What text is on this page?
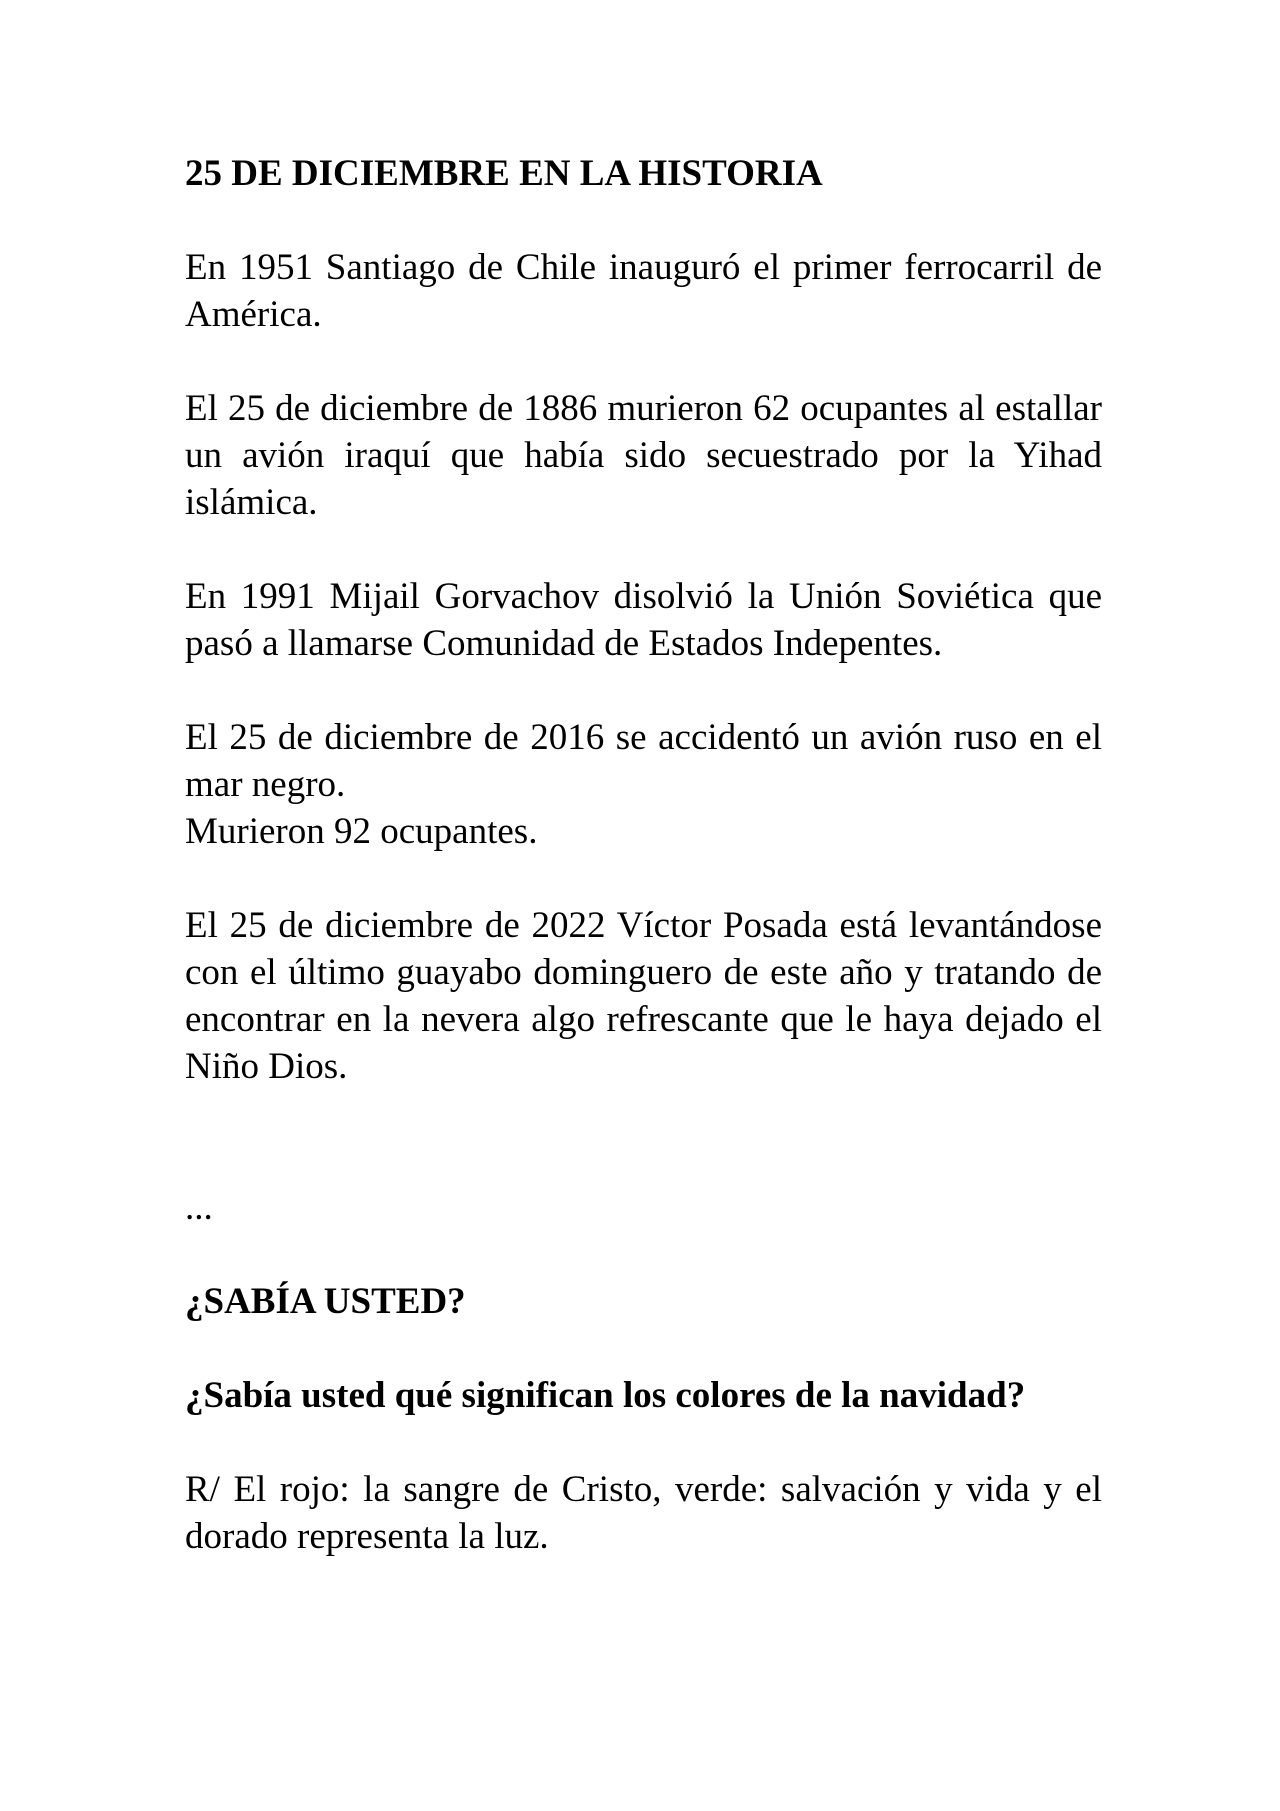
25 DE DICIEMBRE EN LA HISTORIA

En 1951 Santiago de Chile inauguró el primer ferrocarril de América.

El 25 de diciembre de 1886 murieron 62 ocupantes al estallar un avión iraquí que había sido secuestrado por la Yihad islámica.

En 1991 Mijail Gorvachov disolvió la Unión Soviética que pasó a llamarse Comunidad de Estados Indepentes.

El 25 de diciembre de 2016 se accidentó un avión ruso en el mar negro.

Murieron 92 ocupantes.

El 25 de diciembre de 2022 Víctor Posada está levantándose con el último guayabo dominguero de este año y tratando de encontrar en la nevera algo refrescante que le haya dejado el Niño Dios.

...

¿SABÍA USTED?

¿Sabía usted qué significan los colores de la navidad?

R/ El rojo: la sangre de Cristo, verde: salvación y vida y el dorado representa la luz.
